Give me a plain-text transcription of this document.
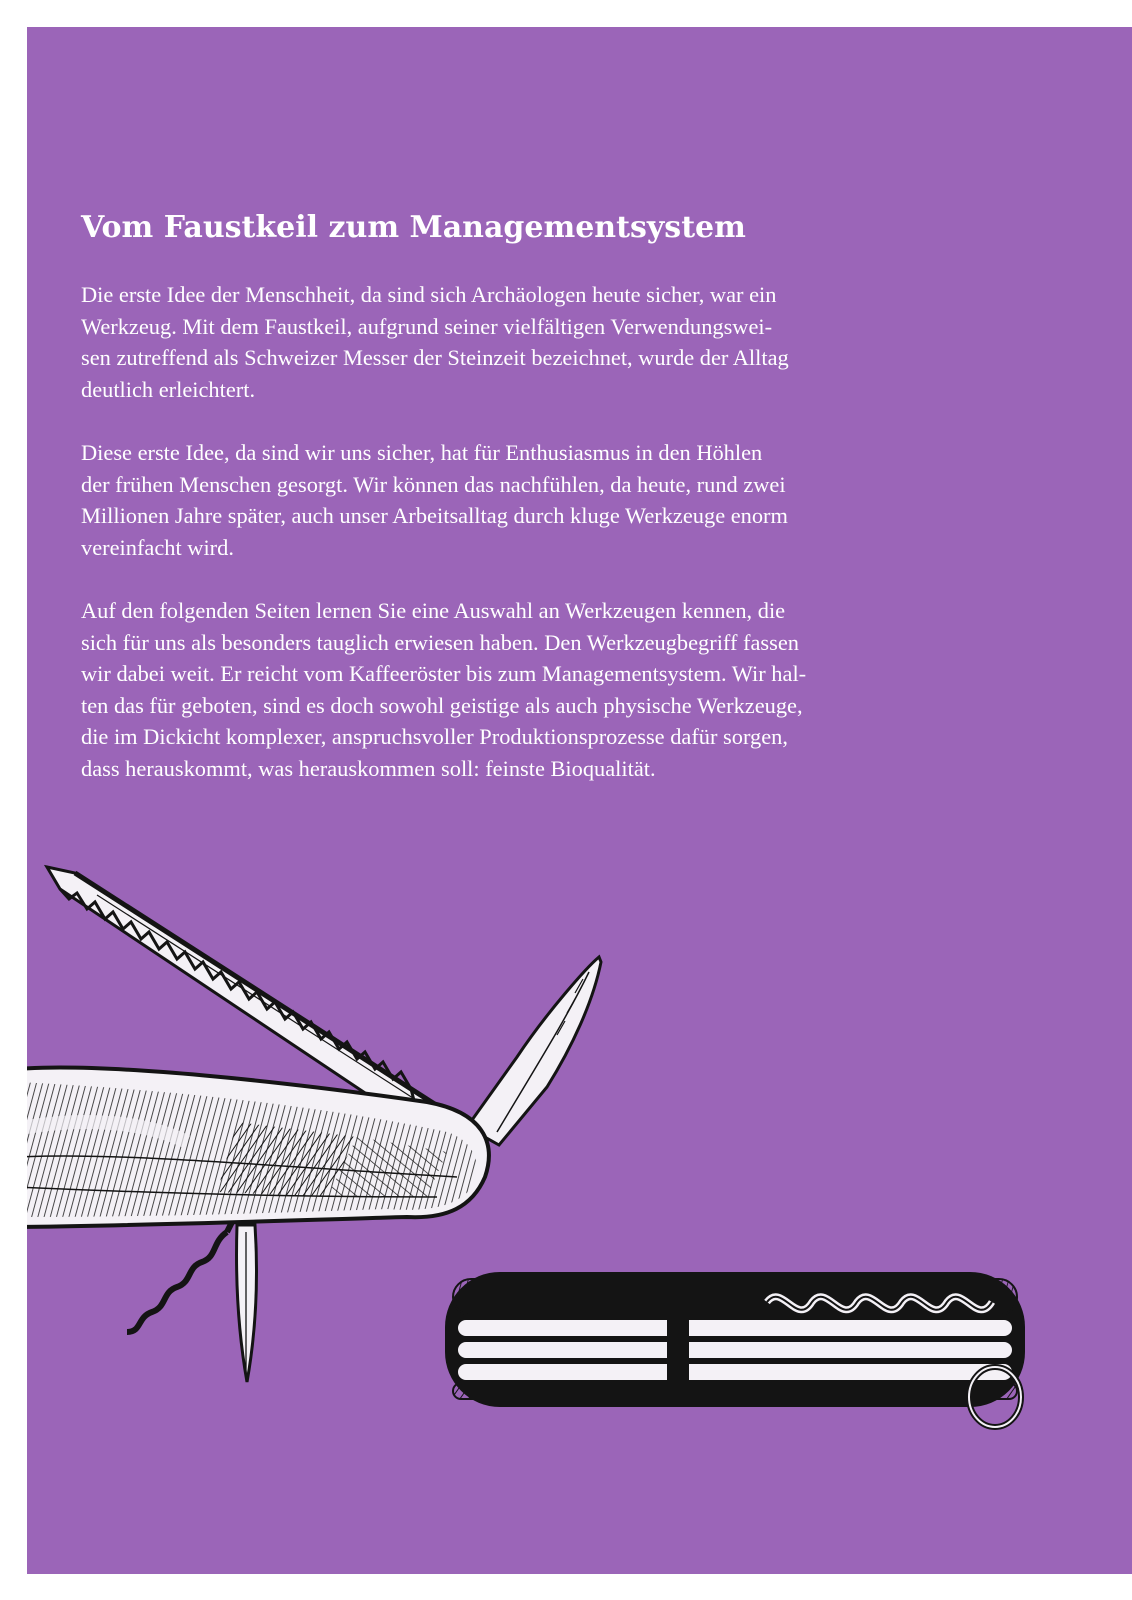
Vom Faustkeil zum Managementsystem

Die erste Idee der Menschheit, da sind sich Archäologen heute sicher, war ein
Werkzeug. Mit dem Faustkeil, aufgrund seiner vielfältigen Verwendungswei-
sen zutreffend als Schweizer Messer der Steinzeit bezeichnet, wurde der Alltag
deutlich erleichtert.

Diese erste Idee, da sind wir uns sicher, hat für Enthusiasmus in den Höhlen
der frühen Menschen gesorgt. Wir können das nachfühlen, da heute, rund zwei
Millionen Jahre später, auch unser Arbeitsalltag durch kluge Werkzeuge enorm
vereinfacht wird.

Auf den folgenden Seiten lernen Sie eine Auswahl an Werkzeugen kennen, die
sich für uns als besonders tauglich erwiesen haben. Den Werkzeugbegriff fassen
wir dabei weit. Er reicht vom Kaffeeröster bis zum Managementsystem. Wir hal-
ten das für geboten, sind es doch sowohl geistige als auch physische Werkzeuge,
die im Dickicht komplexer, anspruchsvoller Produktionsprozesse dafür sorgen,
dass herauskommt, was herauskommen soll: feinste Bioqualität.
